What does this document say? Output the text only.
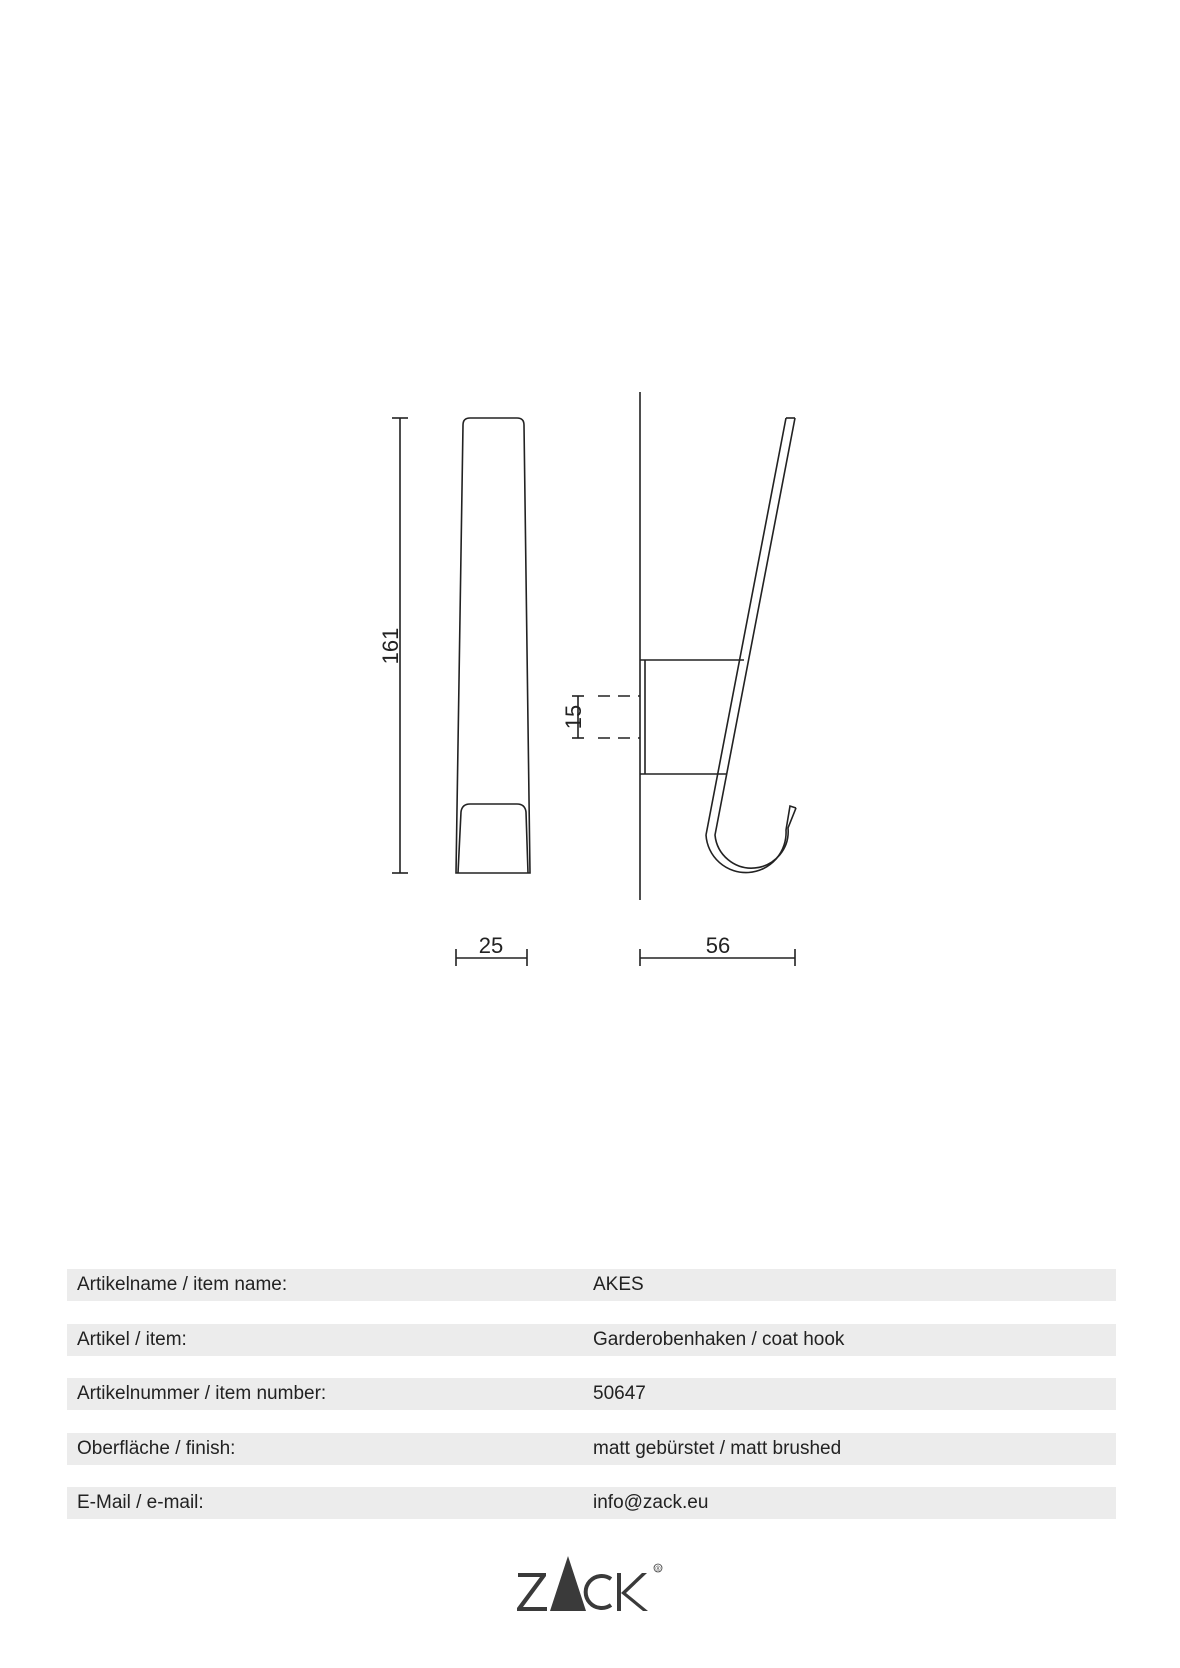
161
15
25	56
Artikelname / item name:	AKES
Artikel / item:	Garderobenhaken / coat hook
Artikelnummer / item number:	50647
Oberfläche / finish:	matt gebürstet / matt brushed
E-Mail / e-mail:	info@zack.eu
®
